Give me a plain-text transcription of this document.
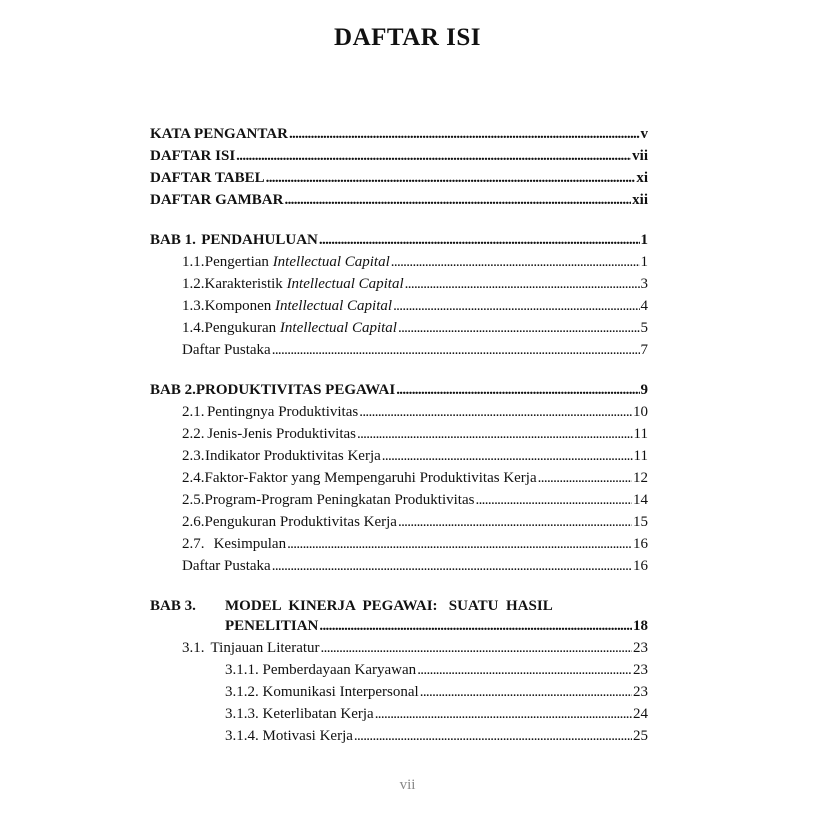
DAFTAR ISI
KATA PENGANTAR . . .	v
DAFTAR ISI . . .	vii
DAFTAR TABEL . . .	xi
DAFTAR GAMBAR . . .	xii
BAB 1. PENDAHULUAN . . .	1
1.1. Pengertian Intellectual Capital . . .	1
1.2. Karakteristik Intellectual Capital . . .	3
1.3. Komponen Intellectual Capital . . .	4
1.4. Pengukuran Intellectual Capital . . .	5
Daftar Pustaka . . .	7
BAB 2. PRODUKTIVITAS PEGAWAI . . .	9
2.1. Pentingnya Produktivitas . . .	10
2.2. Jenis-Jenis Produktivitas . . .	11
2.3. Indikator Produktivitas Kerja . . .	11
2.4. Faktor-Faktor yang Mempengaruhi Produktivitas Kerja . . .	12
2.5. Program-Program Peningkatan Produktivitas . . .	14
2.6. Pengukuran Produktivitas Kerja . . .	15
2.7. Kesimpulan . . .	16
Daftar Pustaka . . .	16
BAB 3.	MODEL  KINERJA  PEGAWAI:   SUATU  HASIL
PENELITIAN . . .	18
3.1. Tinjauan Literatur . . .	23
3.1.1. Pemberdayaan Karyawan . . .	23
3.1.2. Komunikasi Interpersonal . . .	23
3.1.3. Keterlibatan Kerja . . .	24
3.1.4. Motivasi Kerja . . .	25
vii
